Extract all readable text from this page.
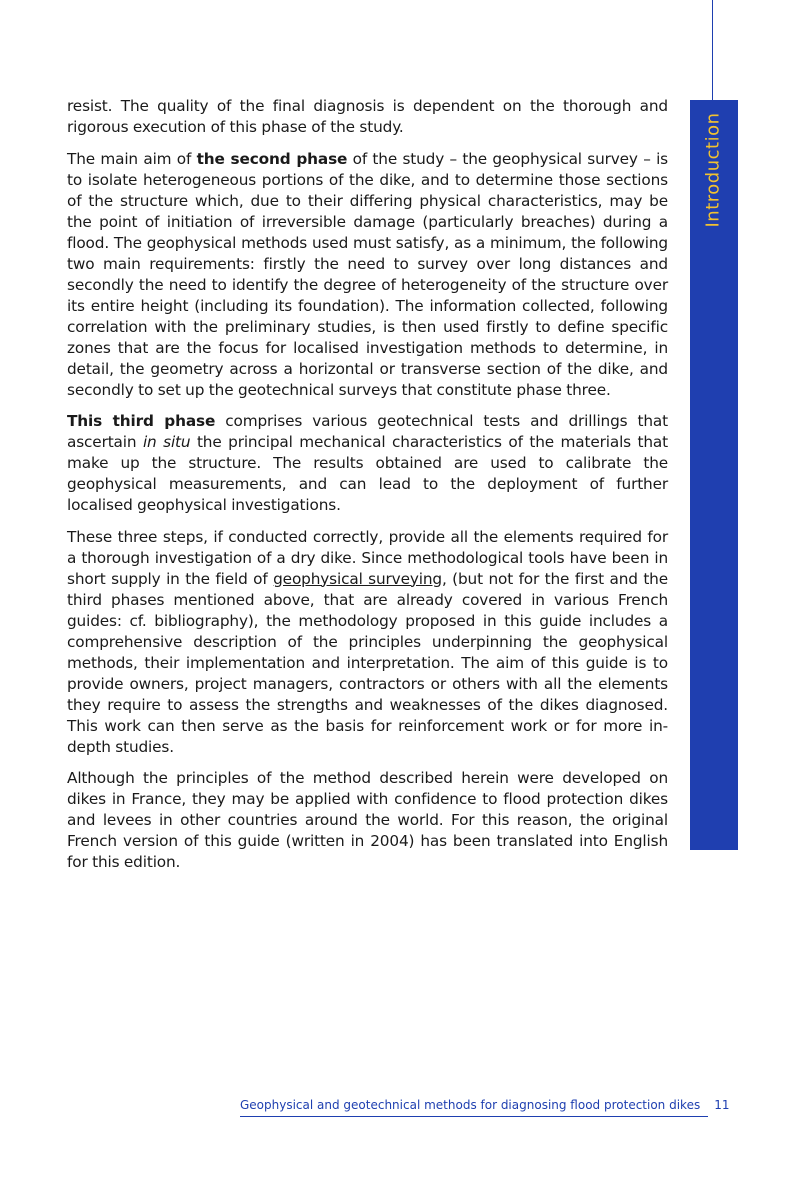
Introduction

resist. The quality of the final diagnosis is dependent on the thorough and rigorous execution of this phase of the study.

The main aim of the second phase of the study – the geophysical survey – is to isolate heterogeneous portions of the dike, and to determine those sections of the structure which, due to their differing physical characteristics, may be the point of initiation of irreversible damage (particularly breaches) during a flood. The geophysical methods used must satisfy, as a minimum, the following two main requirements: firstly the need to survey over long distances and secondly the need to identify the degree of heterogeneity of the structure over its entire height (including its foundation). The information collected, following correlation with the preliminary studies, is then used firstly to define specific zones that are the focus for localised investigation methods to determine, in detail, the geometry across a horizontal or transverse section of the dike, and secondly to set up the geotechnical surveys that constitute phase three.

This third phase comprises various geotechnical tests and drillings that ascertain in situ the principal mechanical characteristics of the materials that make up the structure. The results obtained are used to calibrate the geophysical measurements, and can lead to the deployment of further localised geophysical investigations.

These three steps, if conducted correctly, provide all the elements required for a thorough investigation of a dry dike. Since methodological tools have been in short supply in the field of geophysical surveying, (but not for the first and the third phases mentioned above, that are already covered in various French guides: cf. bibliography), the methodology proposed in this guide includes a comprehensive description of the principles underpinning the geophysical methods, their implementation and interpretation. The aim of this guide is to provide owners, project managers, contractors or others with all the elements they require to assess the strengths and weaknesses of the dikes diagnosed. This work can then serve as the basis for reinforcement work or for more in-depth studies.

Although the principles of the method described herein were developed on dikes in France, they may be applied with confidence to flood protection dikes and levees in other countries around the world. For this reason, the original French version of this guide (written in 2004) has been translated into English for this edition.

Geophysical and geotechnical methods for diagnosing flood protection dikes 11
